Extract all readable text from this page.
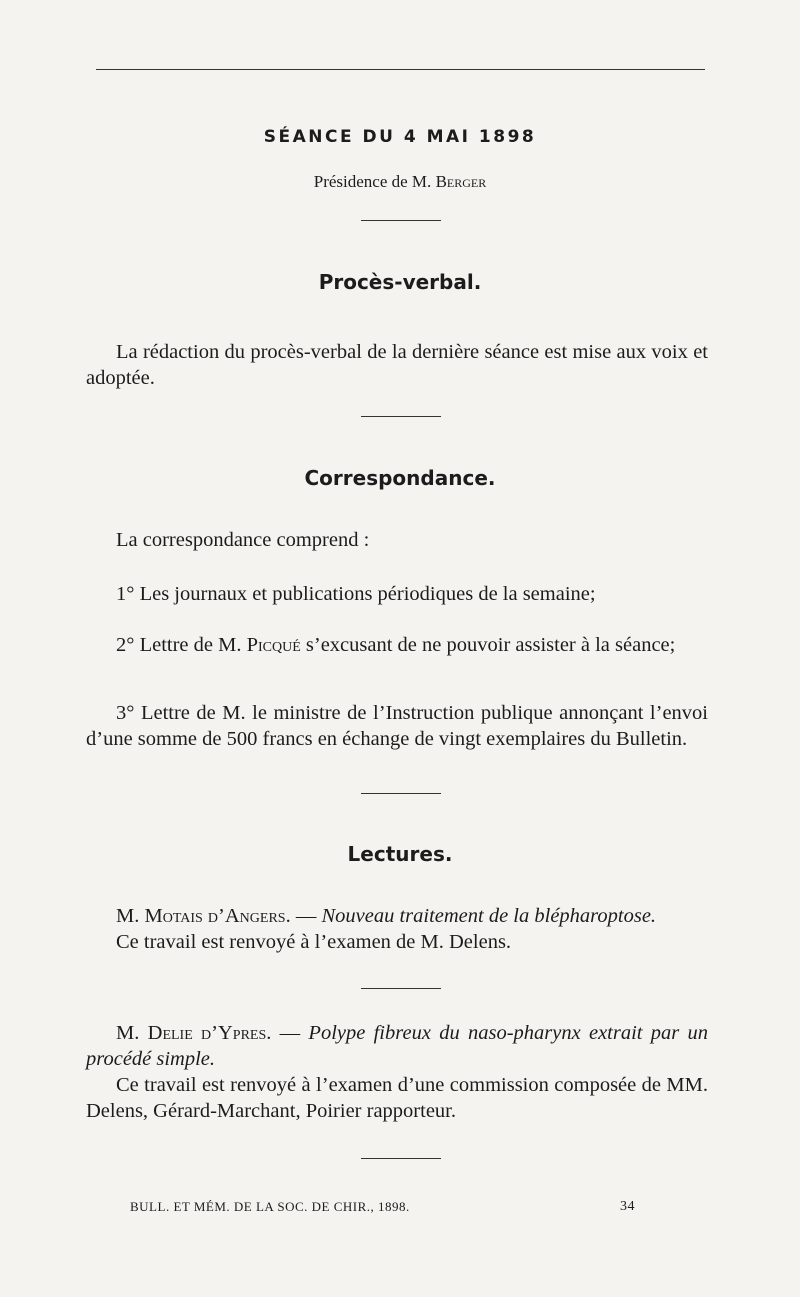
SÉANCE DU 4 MAI 1898
Présidence de M. Berger
Procès-verbal.
La rédaction du procès-verbal de la dernière séance est mise aux voix et adoptée.
Correspondance.
La correspondance comprend :
1° Les journaux et publications périodiques de la semaine;
2° Lettre de M. Picqué s’excusant de ne pouvoir assister à la séance;
3° Lettre de M. le ministre de l’Instruction publique annonçant l’envoi d’une somme de 500 francs en échange de vingt exemplaires du Bulletin.
Lectures.
M. Motais d’Angers. — Nouveau traitement de la blépharoptose.
Ce travail est renvoyé à l’examen de M. Delens.
M. Delie d’Ypres. — Polype fibreux du naso-pharynx extrait par un procédé simple.
Ce travail est renvoyé à l’examen d’une commission composée de MM. Delens, Gérard-Marchant, Poirier rapporteur.
BULL. ET MÉM. DE LA SOC. DE CHIR., 1898.	34
